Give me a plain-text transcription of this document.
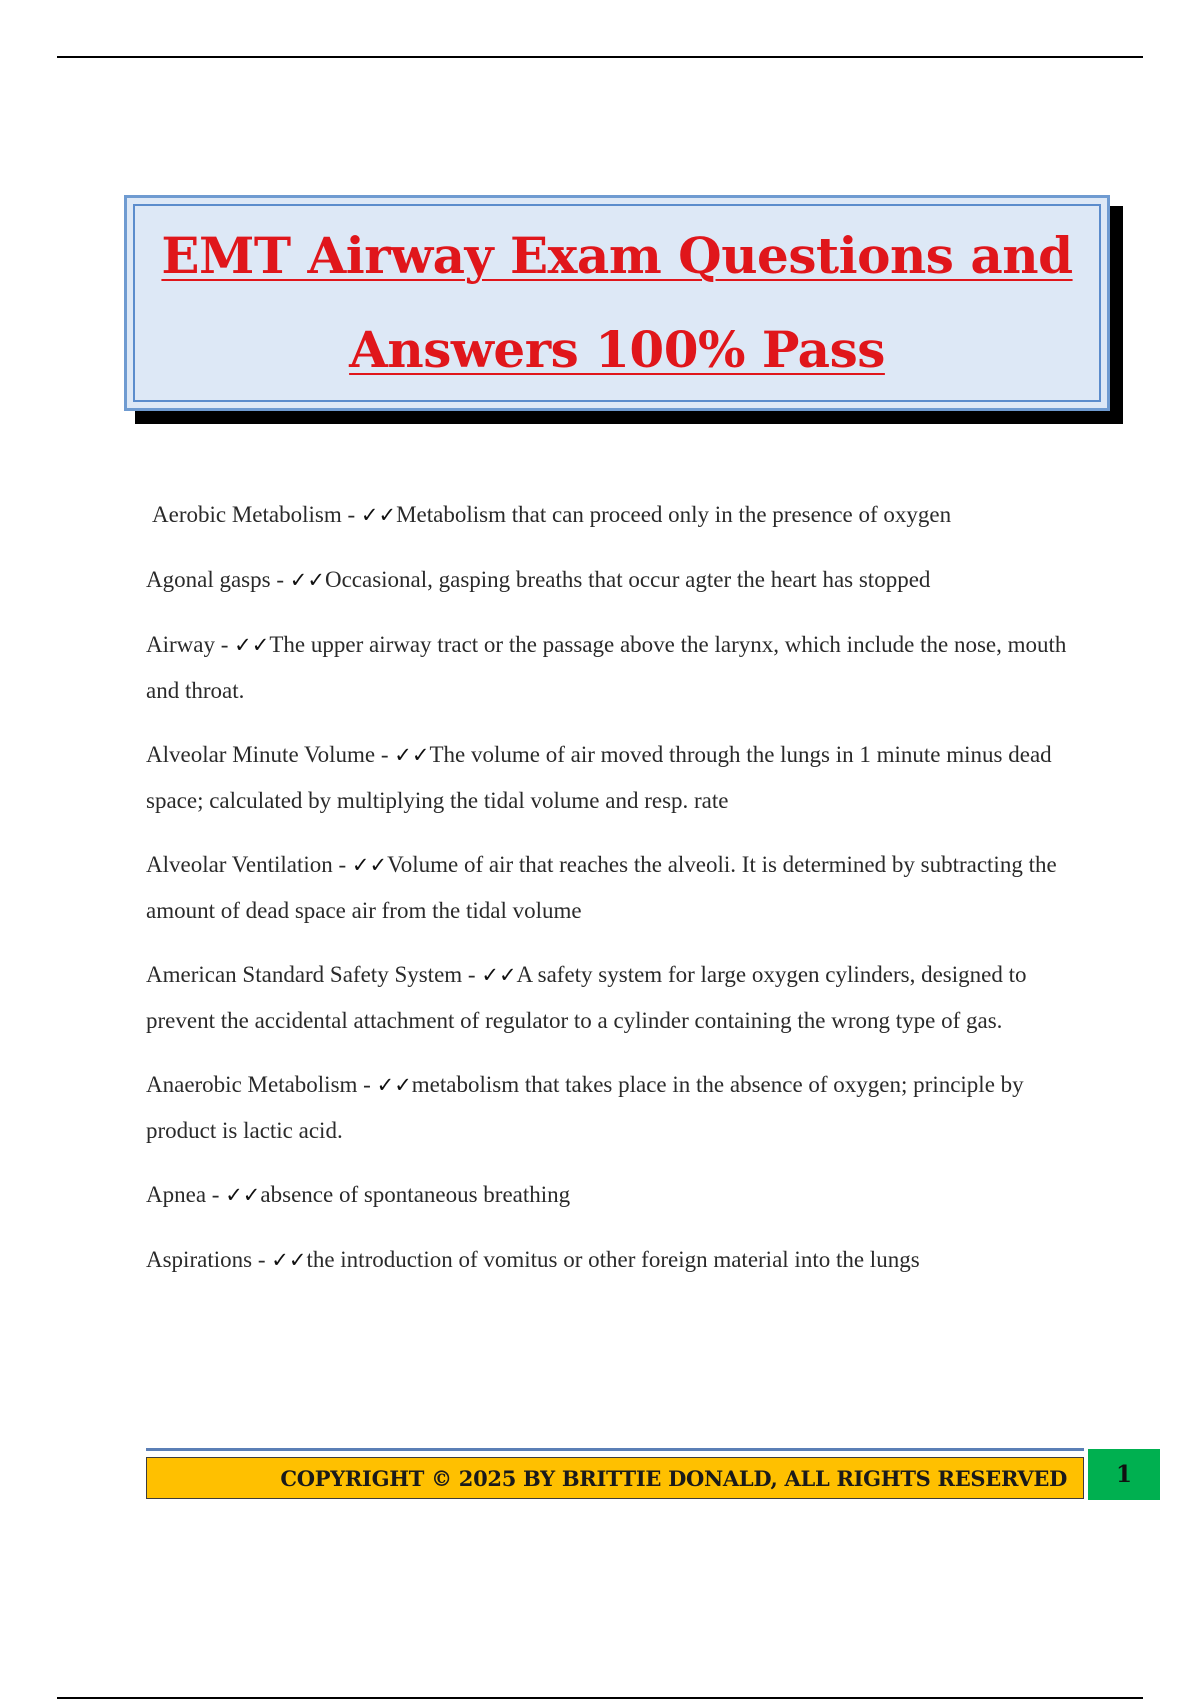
EMT Airway Exam Questions and
Answers 100% Pass
Aerobic Metabolism - ✓✓Metabolism that can proceed only in the presence of oxygen
Agonal gasps - ✓✓Occasional, gasping breaths that occur agter the heart has stopped
Airway - ✓✓The upper airway tract or the passage above the larynx, which include the nose, mouth and throat.
Alveolar Minute Volume - ✓✓The volume of air moved through the lungs in 1 minute minus dead space; calculated by multiplying the tidal volume and resp. rate
Alveolar Ventilation - ✓✓Volume of air that reaches the alveoli. It is determined by subtracting the amount of dead space air from the tidal volume
American Standard Safety System - ✓✓A safety system for large oxygen cylinders, designed to prevent the accidental attachment of regulator to a cylinder containing the wrong type of gas.
Anaerobic Metabolism - ✓✓metabolism that takes place in the absence of oxygen; principle by product is lactic acid.
Apnea - ✓✓absence of spontaneous breathing
Aspirations - ✓✓the introduction of vomitus or other foreign material into the lungs
COPYRIGHT © 2025 BY BRITTIE DONALD, ALL RIGHTS RESERVED 1
